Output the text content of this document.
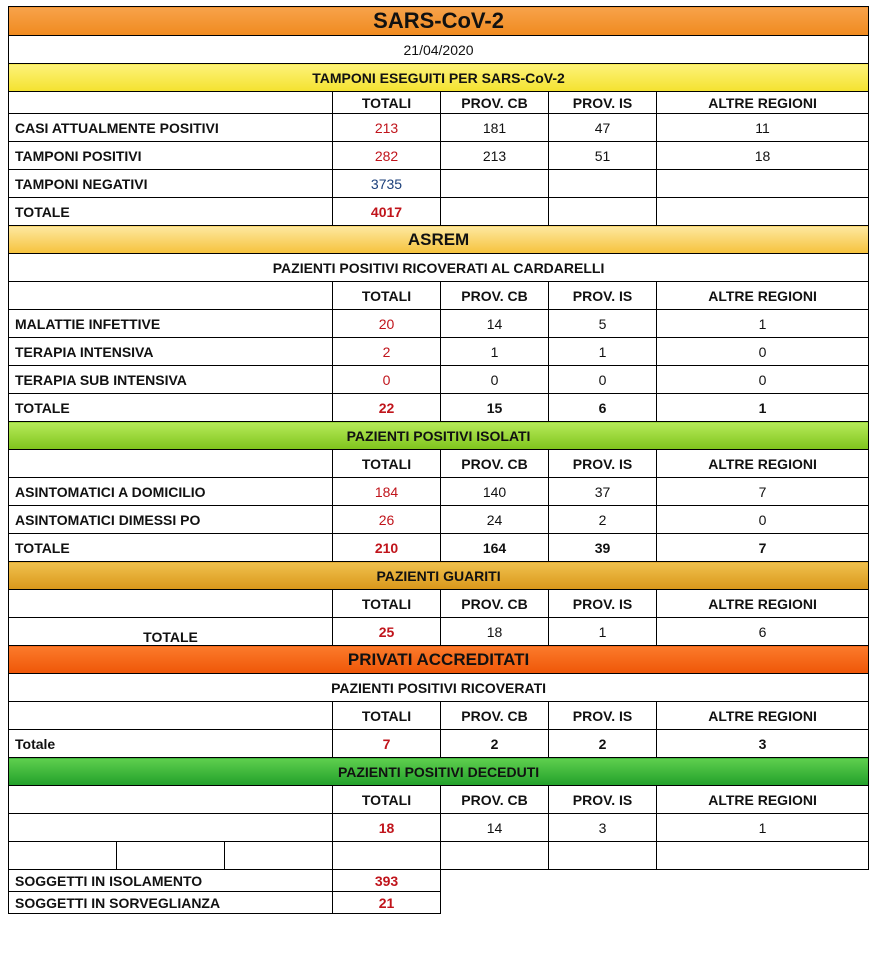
SARS-CoV-2						
21/04/2020						
TAMPONI ESEGUITI PER SARS-CoV-2						
			TOTALI	PROV. CB	PROV. IS	ALTRE REGIONI
CASI ATTUALMENTE POSITIVI			213	181	47	11
TAMPONI POSITIVI			282	213	51	18
TAMPONI NEGATIVI			3735			
TOTALE			4017			
ASREM						
PAZIENTI POSITIVI RICOVERATI AL CARDARELLI						
			TOTALI	PROV. CB	PROV. IS	ALTRE REGIONI
MALATTIE INFETTIVE			20	14	5	1
TERAPIA INTENSIVA			2	1	1	0
TERAPIA SUB INTENSIVA			0	0	0	0
TOTALE			22	15	6	1
PAZIENTI POSITIVI ISOLATI						
			TOTALI	PROV. CB	PROV. IS	ALTRE REGIONI
ASINTOMATICI A DOMICILIO			184	140	37	7
ASINTOMATICI DIMESSI PO			26	24	2	0
TOTALE			210	164	39	7
PAZIENTI GUARITI						
			TOTALI	PROV. CB	PROV. IS	ALTRE REGIONI
TOTALE			25	18	1	6
PRIVATI ACCREDITATI						
PAZIENTI POSITIVI RICOVERATI						
			TOTALI	PROV. CB	PROV. IS	ALTRE REGIONI
Totale			7	2	2	3
PAZIENTI POSITIVI DECEDUTI						
			TOTALI	PROV. CB	PROV. IS	ALTRE REGIONI
			18	14	3	1

SOGGETTI IN ISOLAMENTO			393			
SOGGETTI IN SORVEGLIANZA			21			
